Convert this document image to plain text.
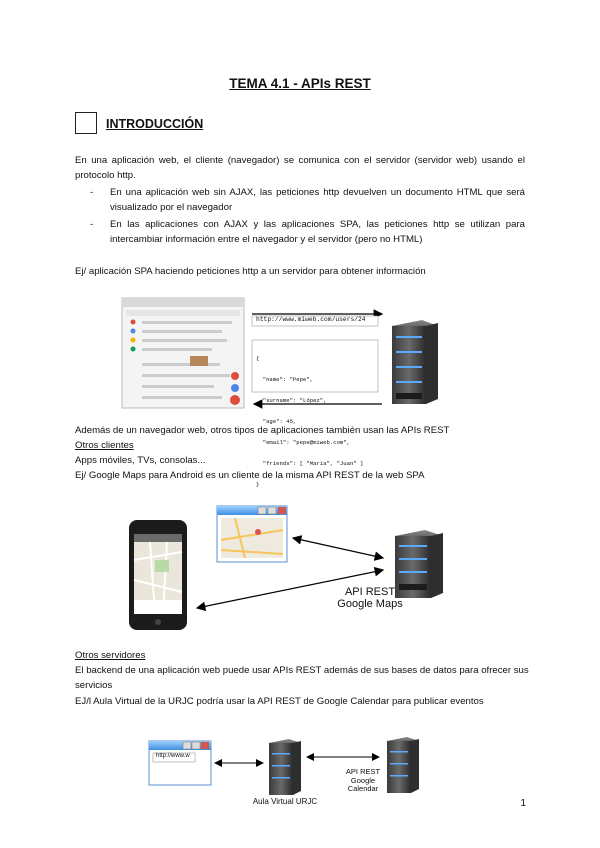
TEMA 4.1 - APIs REST
INTRODUCCIÓN
En una aplicación web, el cliente (navegador) se comunica con el servidor (servidor web) usando el protocolo http.
- En una aplicación web sin AJAX, las peticiones http devuelven un documento HTML que será visualizado por el navegador
- En las aplicaciones con AJAX y las aplicaciones SPA, las peticiones http se utilizan para intercambiar información entre el navegador y el servidor (pero no HTML)
Ej/ aplicación SPA haciendo peticiones http a un servidor para obtener información
http://www.miweb.com/users/24

{

"name": "Pepe",

"surname": "López",

"age": 45,

"email": "pepe@miweb.com",

"friends": [ "María", "Juan" ]

}

Además de un navegador web, otros tipos de aplicaciones también usan las APIs REST
Otros clientes
Apps móviles, TVs, consolas...
Ej/ Google Maps para Android es un cliente de la misma API REST de la web SPA
API REST
Google Maps
Otros servidores
El backend de una aplicación web puede usar APIs REST además de sus bases de datos para ofrecer sus servicios
EJ/l Aula Virtual de la URJC podría usar la API REST de Google Calendar para publicar eventos
http://www.w
Aula Virtual URJC
API REST
Google
Calendar
1
